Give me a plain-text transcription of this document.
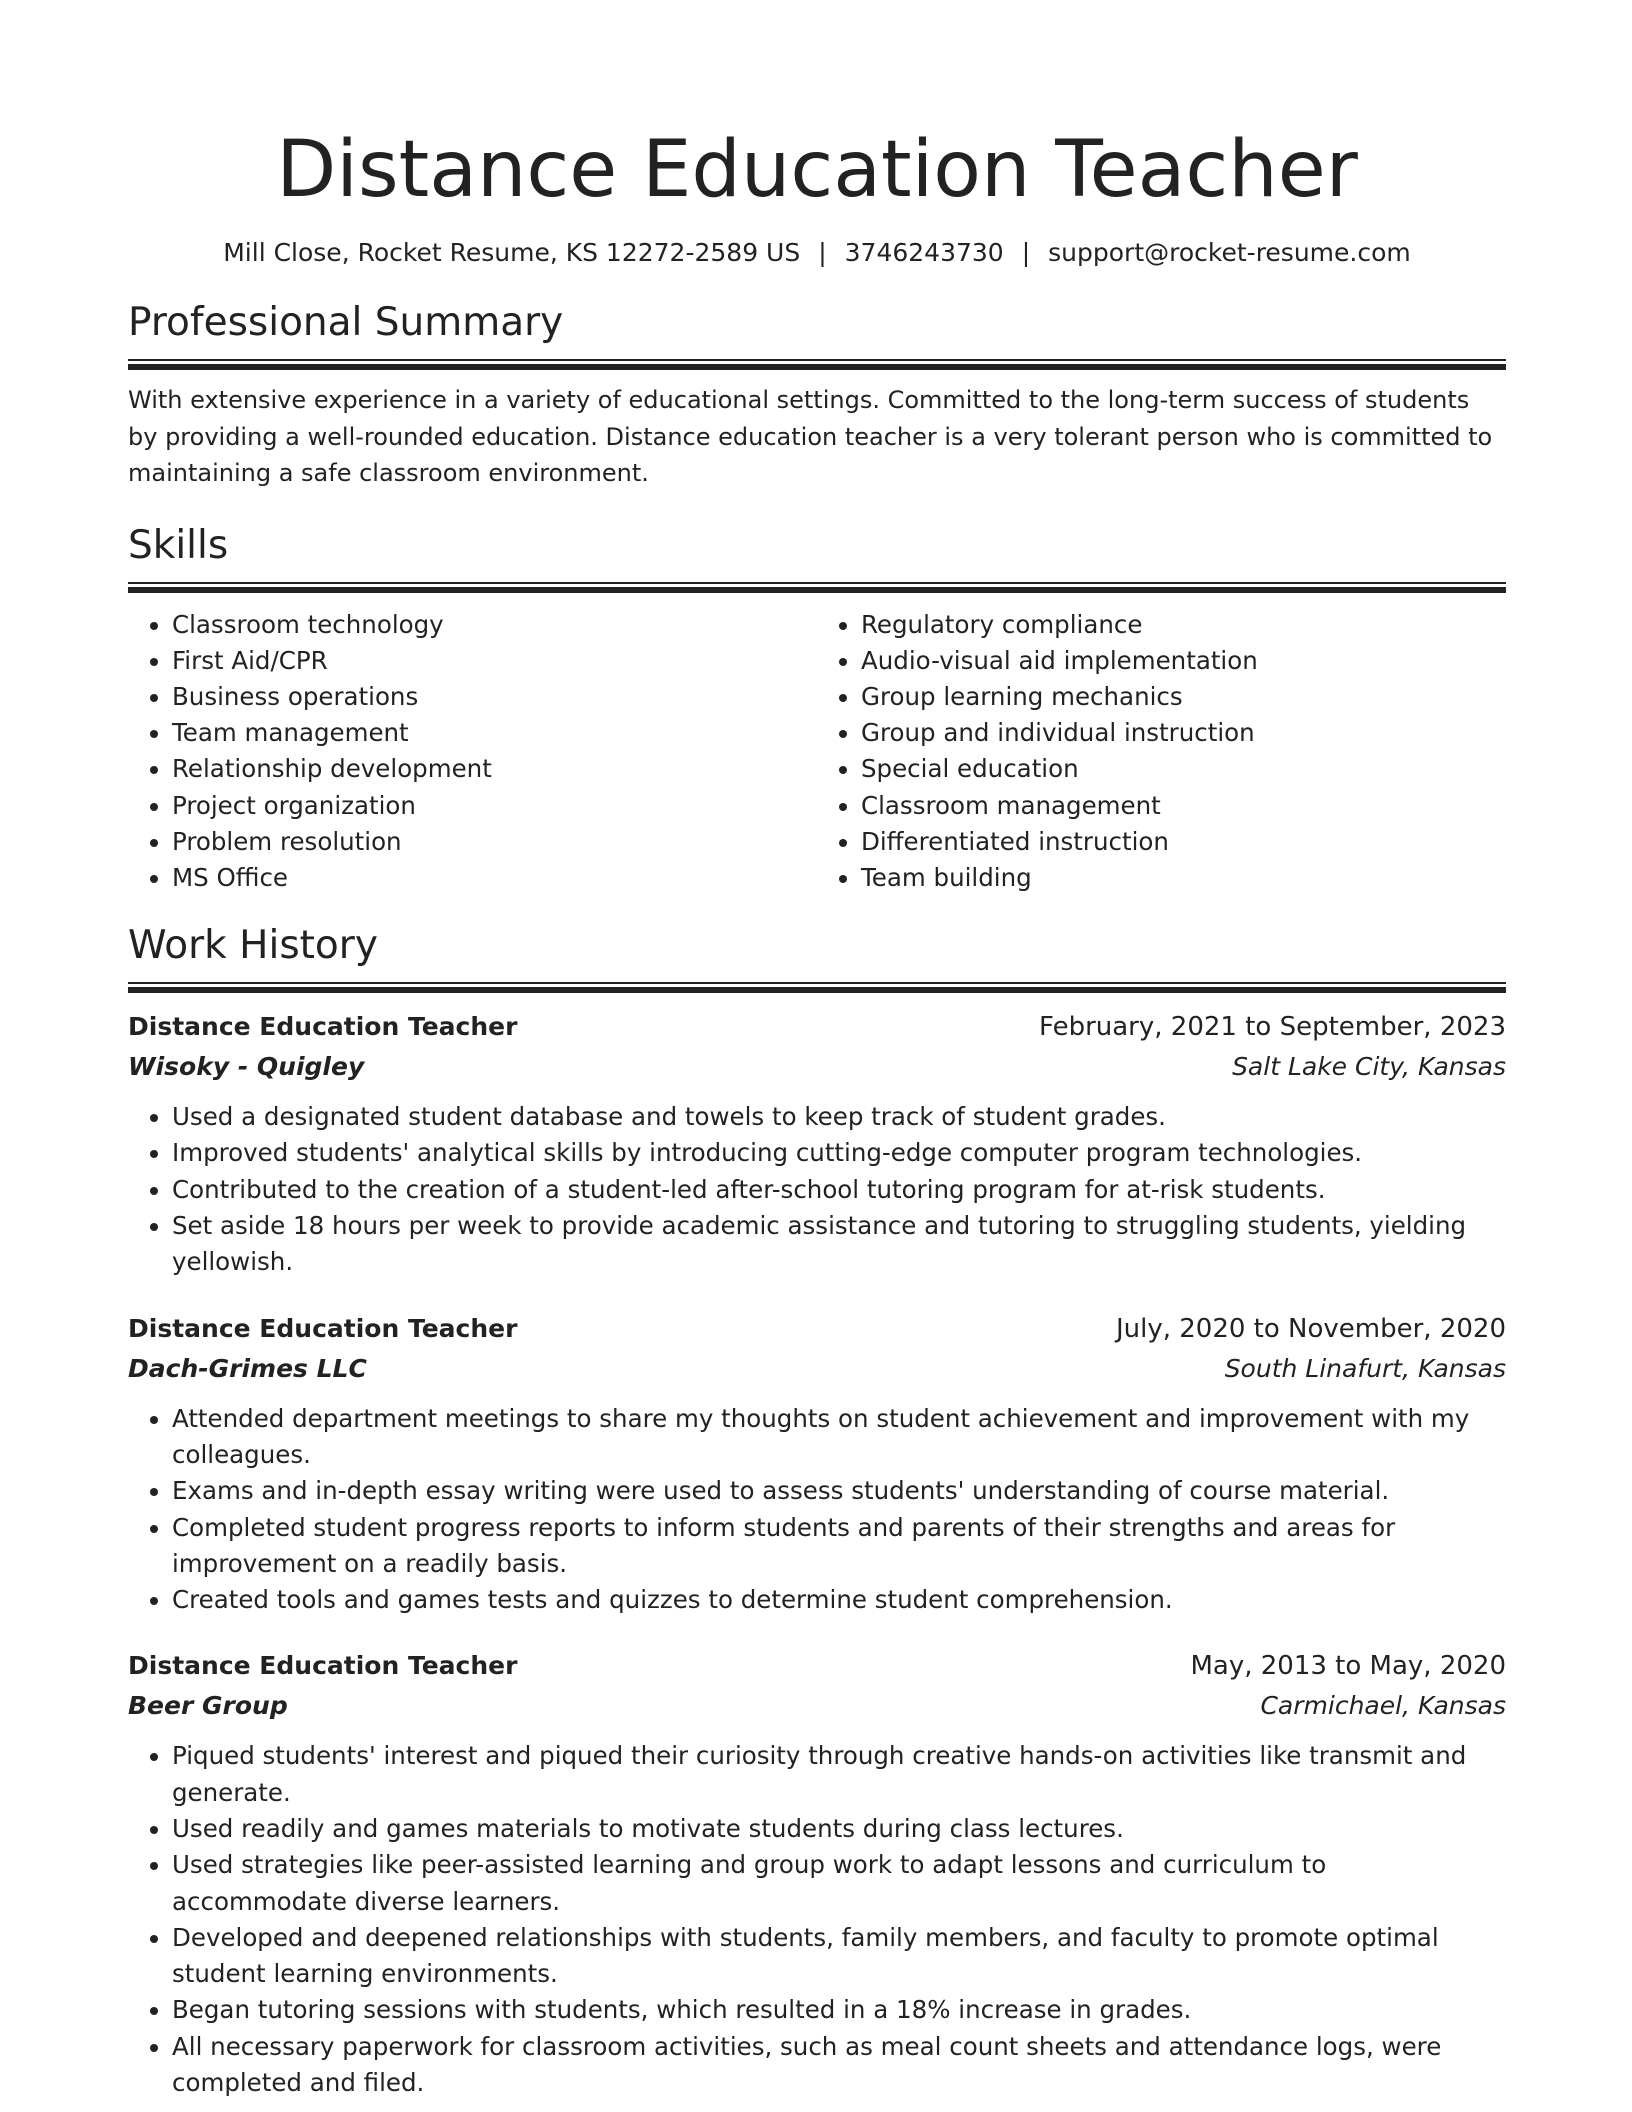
Distance Education Teacher
Mill Close, Rocket Resume, KS 12272-2589 US | 3746243730 | support@rocket-resume.com
Professional Summary
With extensive experience in a variety of educational settings. Committed to the long-term success of students by providing a well-rounded education. Distance education teacher is a very tolerant person who is committed to maintaining a safe classroom environment.
Skills
• Classroom technology
• First Aid/CPR
• Business operations
• Team management
• Relationship development
• Project organization
• Problem resolution
• MS Office
• Regulatory compliance
• Audio-visual aid implementation
• Group learning mechanics
• Group and individual instruction
• Special education
• Classroom management
• Differentiated instruction
• Team building
Work History
Distance Education Teacher	February, 2021 to September, 2023
Wisoky - Quigley	Salt Lake City, Kansas
• Used a designated student database and towels to keep track of student grades.
• Improved students' analytical skills by introducing cutting-edge computer program technologies.
• Contributed to the creation of a student-led after-school tutoring program for at-risk students.
• Set aside 18 hours per week to provide academic assistance and tutoring to struggling students, yielding yellowish.
Distance Education Teacher	July, 2020 to November, 2020
Dach-Grimes LLC	South Linafurt, Kansas
• Attended department meetings to share my thoughts on student achievement and improvement with my colleagues.
• Exams and in-depth essay writing were used to assess students' understanding of course material.
• Completed student progress reports to inform students and parents of their strengths and areas for improvement on a readily basis.
• Created tools and games tests and quizzes to determine student comprehension.
Distance Education Teacher	May, 2013 to May, 2020
Beer Group	Carmichael, Kansas
• Piqued students' interest and piqued their curiosity through creative hands-on activities like transmit and generate.
• Used readily and games materials to motivate students during class lectures.
• Used strategies like peer-assisted learning and group work to adapt lessons and curriculum to accommodate diverse learners.
• Developed and deepened relationships with students, family members, and faculty to promote optimal student learning environments.
• Began tutoring sessions with students, which resulted in a 18% increase in grades.
• All necessary paperwork for classroom activities, such as meal count sheets and attendance logs, were completed and filed.
